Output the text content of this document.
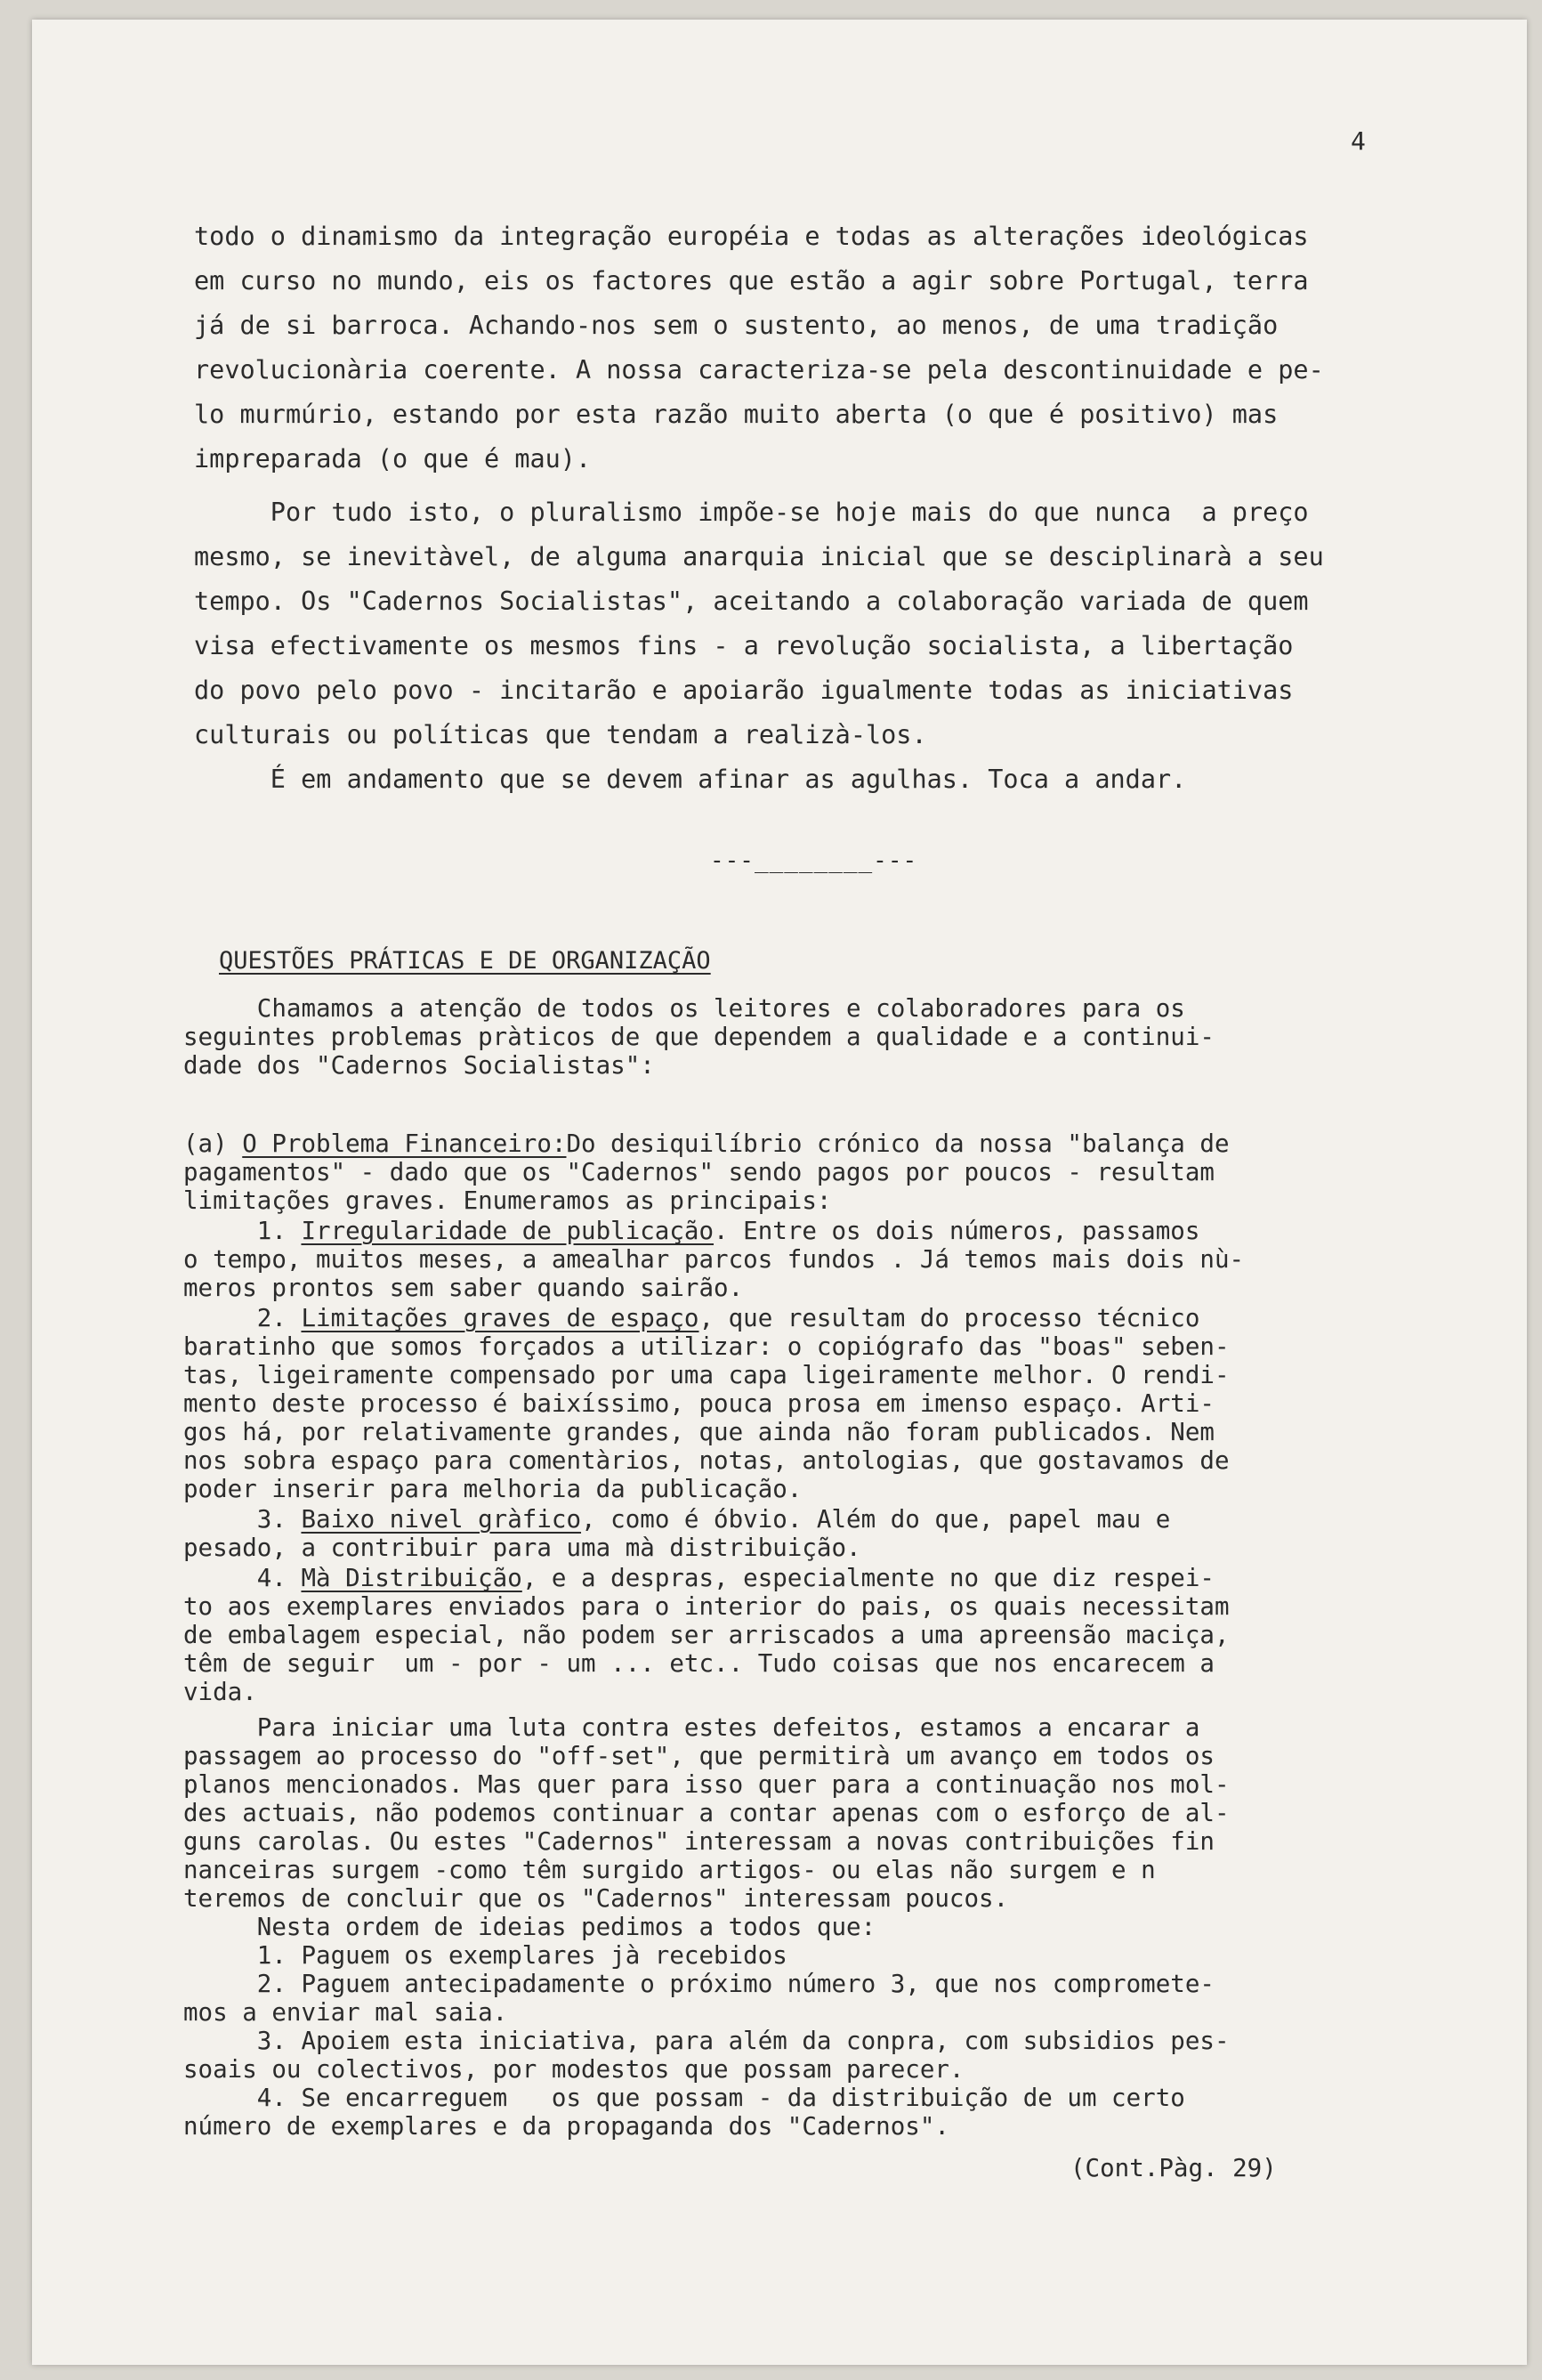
4
todo o dinamismo da integração européia e todas as alterações ideológicas
em curso no mundo, eis os factores que estão a agir sobre Portugal, terra
já de si barroca. Achando-nos sem o sustento, ao menos, de uma tradição
revolucionària coerente. A nossa caracteriza-se pela descontinuidade e pe-
lo murmúrio, estando por esta razão muito aberta (o que é positivo) mas
impreparada (o que é mau).
Por tudo isto, o pluralismo impõe-se hoje mais do que nunca  a preço
mesmo, se inevitàvel, de alguma anarquia inicial que se desciplinarà a seu
tempo. Os "Cadernos Socialistas", aceitando a colaboração variada de quem
visa efectivamente os mesmos fins - a revolução socialista, a libertação
do povo pelo povo - incitarão e apoiarão igualmente todas as iniciativas
culturais ou políticas que tendam a realizà-los.
É em andamento que se devem afinar as agulhas. Toca a andar.
---________---
QUESTÕES PRÁTICAS E DE ORGANIZAÇÃO
Chamamos a atenção de todos os leitores e colaboradores para os
seguintes problemas pràticos de que dependem a qualidade e a continui-
dade dos "Cadernos Socialistas":
(a) O Problema Financeiro:Do desiquilíbrio crónico da nossa "balança de
pagamentos" - dado que os "Cadernos" sendo pagos por poucos - resultam
limitações graves. Enumeramos as principais:
1. Irregularidade de publicação. Entre os dois números, passamos
o tempo, muitos meses, a amealhar parcos fundos . Já temos mais dois nù-
meros prontos sem saber quando sairão.
2. Limitações graves de espaço, que resultam do processo técnico
baratinho que somos forçados a utilizar: o copiógrafo das "boas" seben-
tas, ligeiramente compensado por uma capa ligeiramente melhor. O rendi-
mento deste processo é baixíssimo, pouca prosa em imenso espaço. Arti-
gos há, por relativamente grandes, que ainda não foram publicados. Nem
nos sobra espaço para comentàrios, notas, antologias, que gostavamos de
poder inserir para melhoria da publicação.
3. Baixo nivel gràfico, como é óbvio. Além do que, papel mau e
pesado, a contribuir para uma mà distribuição.
4. Mà Distribuição, e a despras, especialmente no que diz respei-
to aos exemplares enviados para o interior do pais, os quais necessitam
de embalagem especial, não podem ser arriscados a uma apreensão maciça,
têm de seguir  um - por - um ... etc.. Tudo coisas que nos encarecem a
vida.
Para iniciar uma luta contra estes defeitos, estamos a encarar a
passagem ao processo do "off-set", que permitirà um avanço em todos os
planos mencionados. Mas quer para isso quer para a continuação nos mol-
des actuais, não podemos continuar a contar apenas com o esforço de al-
guns carolas. Ou estes "Cadernos" interessam a novas contribuições fin
nanceiras surgem -como têm surgido artigos- ou elas não surgem e n
teremos de concluir que os "Cadernos" interessam poucos.
Nesta ordem de ideias pedimos a todos que:
1. Paguem os exemplares jà recebidos
2. Paguem antecipadamente o próximo número 3, que nos compromete-
mos a enviar mal saia.
3. Apoiem esta iniciativa, para além da conpra, com subsidios pes-
soais ou colectivos, por modestos que possam parecer.
4. Se encarreguem   os que possam - da distribuição de um certo
número de exemplares e da propaganda dos "Cadernos".
(Cont.Pàg. 29)
